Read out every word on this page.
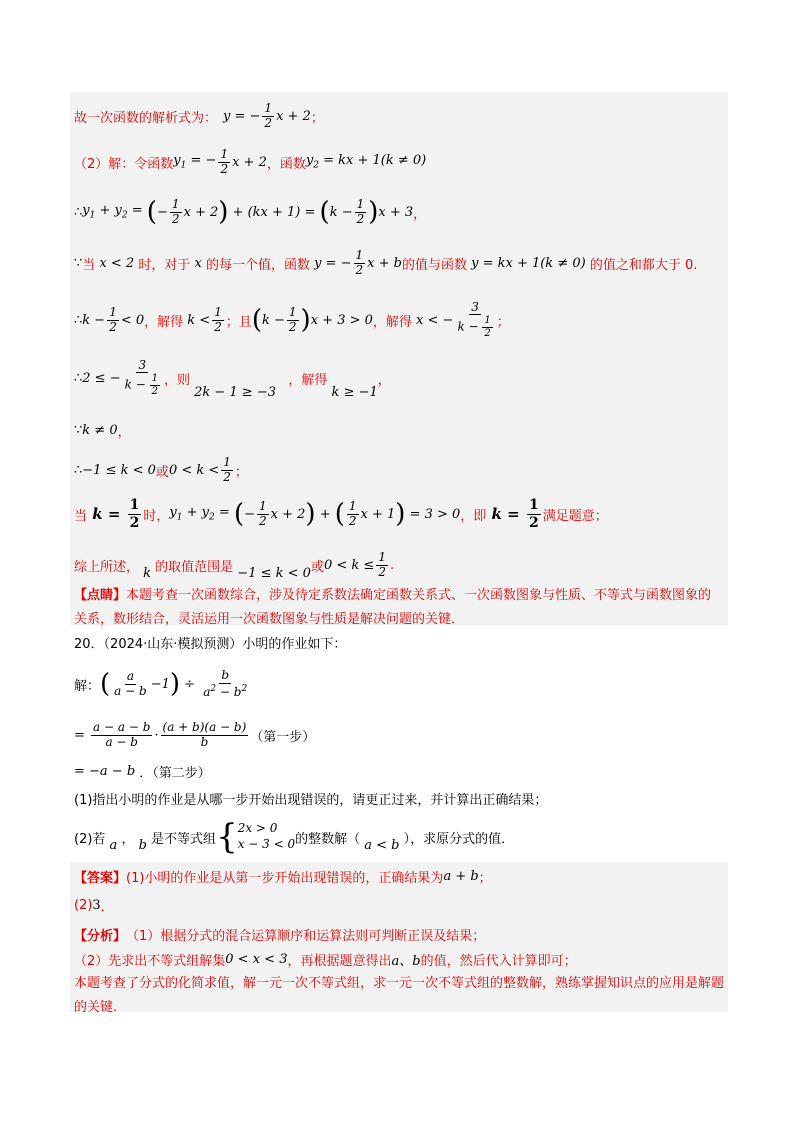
故一次函数的解析式为： y = − $\frac{1}{2}$ x + 2 ；
（2）解：令函数 $y_1$ = − $\frac{1}{2}$ x + 2 ，函数 $y_2$ = kx + 1(k ≠ 0)
∴ $y_1 + y_2$ = ( − $\frac{1}{2}$ x + 2 ) + (kx + 1) = ( $k - \frac{1}{2}$ ) x + 3 ，
∵ 当 x < 2 时，对于 x 的每一个值，函数 y = − $\frac{1}{2}$ x + b 的值与函数 y = kx + 1(k ≠ 0) 的值之和都大于 0.
∴ $k - \frac{1}{2} < 0$ ，解得 $k < \frac{1}{2}$ ；且 ( $k - \frac{1}{2}$ ) x + 3 > 0 ，解得 x < − $\frac{3}{k - \frac{1}{2}}$ ；
∴ 2 ≤ − $\frac{3}{k - \frac{1}{2}}$ ，则
2k − 1 ≥ −3
，解得
k ≥ −1
，
∵ k ≠ 0 ，
∴ −1 ≤ k < 0 或 $0 < k < \frac{1}{2}$ ；
当 $k = \frac{1}{2}$ 时， $y_1 + y_2$ = ( − $\frac{1}{2}$ x + 2 ) + ( $\frac{1}{2}$ x + 1 ) = 3 > 0 ，即 $k = \frac{1}{2}$ 满足题意；
综上所述， k 的取值范围是 −1 ≤ k < 0 或 $0 < k \le \frac{1}{2}$ .
【点睛】本题考查一次函数综合，涉及待定系数法确定函数关系式、一次函数图象与性质、不等式与函数图象的关系，数形结合，灵活运用一次函数图象与性质是解决问题的关键．
20．（2024·山东·模拟预测）小明的作业如下：
解： ( $\frac{a}{a - b} -1$ ) ÷ $\frac{b}{a^2 - b^2}$
= $\frac{a - a - b}{a - b} \cdot \frac{(a + b)(a - b)}{b}$ （第一步）
= −a − b ．（第二步）
(1)指出小明的作业是从哪一步开始出现错误的，请更正过来，并计算出正确结果；
(2)若 a ， b 是不等式组 { 2x > 0
x − 3 < 0 的整数解（ a < b ），求原分式的值．
【答案】 (1)小明的作业是从第一步开始出现错误的，正确结果为 a + b ；
(2) 3 ．
【分析】 （1）根据分式的混合运算顺序和运算法则可判断正误及结果；
（2）先求出不等式组解集 0 < x < 3 ，再根据题意得出 a、b 的值，然后代入计算即可；
本题考查了分式的化简求值，解一元一次不等式组，求一元一次不等式组的整数解，熟练掌握知识点的应用是解题的关键．
